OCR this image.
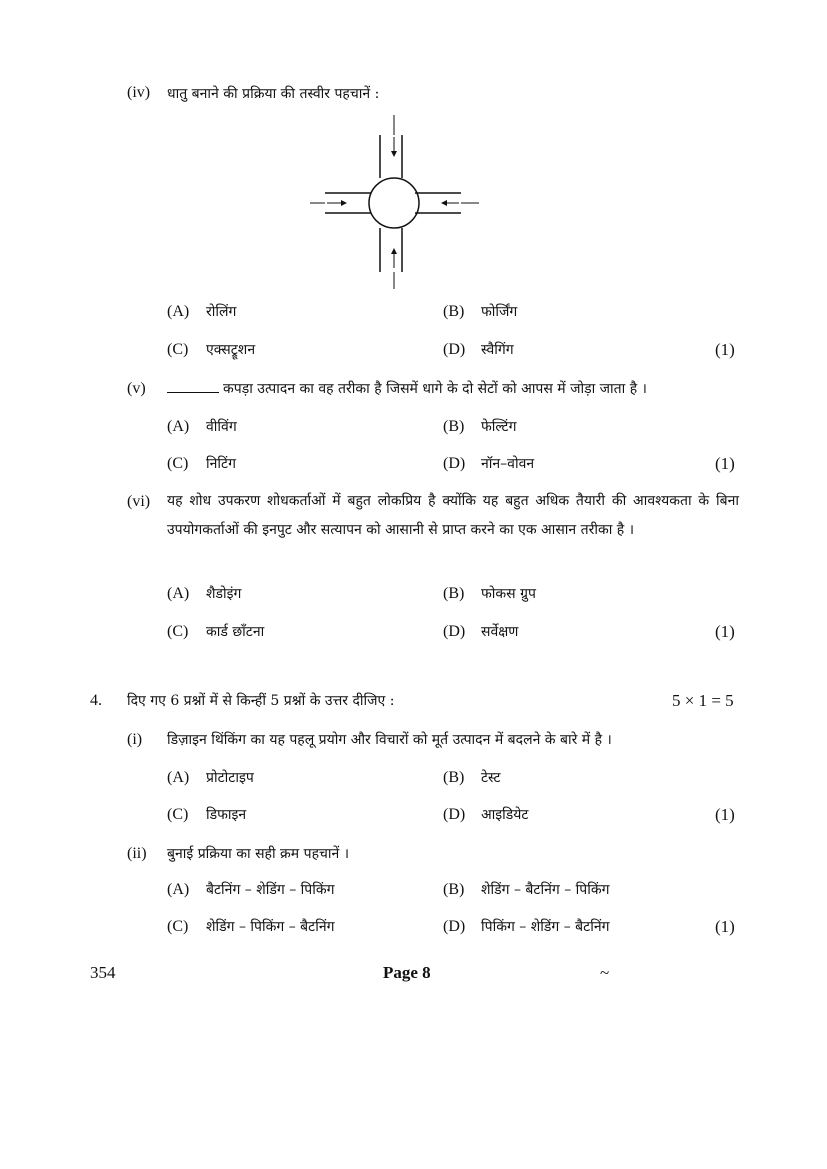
(iv) धातु बनाने की प्रक्रिया की तस्वीर पहचानें :
(A) रोलिंग	(B) फोर्जिंग
(C) एक्सट्रूशन	(D) स्वैगिंग	(1)
(v)	कपड़ा उत्पादन का वह तरीका है जिसमें धागे के दो सेटों को आपस में जोड़ा जाता है ।
(A) वीविंग	(B) फेल्टिंग
(C) निटिंग	(D) नॉन–वोवन	(1)
(vi) यह शोध उपकरण शोधकर्ताओं में बहुत लोकप्रिय है क्योंकि यह बहुत अधिक तैयारी की आवश्यकता के बिना उपयोगकर्ताओं की इनपुट और सत्यापन को आसानी से प्राप्त करने का एक आसान तरीका है ।
(A) शैडोइंग	(B) फोकस ग्रुप
(C) कार्ड छाँटना	(D) सर्वेक्षण	(1)
4. दिए गए 6 प्रश्नों में से किन्हीं 5 प्रश्नों के उत्तर दीजिए :	5 × 1 = 5
(i) डिज़ाइन थिंकिंग का यह पहलू प्रयोग और विचारों को मूर्त उत्पादन में बदलने के बारे में है ।
(A) प्रोटोटाइप	(B) टेस्ट
(C) डिफाइन	(D) आइडियेट	(1)
(ii) बुनाई प्रक्रिया का सही क्रम पहचानें ।
(A) बैटनिंग – शेडिंग – पिकिंग	(B) शेडिंग – बैटनिंग – पिकिंग
(C) शेडिंग – पिकिंग – बैटनिंग	(D) पिकिंग – शेडिंग – बैटनिंग	(1)
354	Page 8	~
